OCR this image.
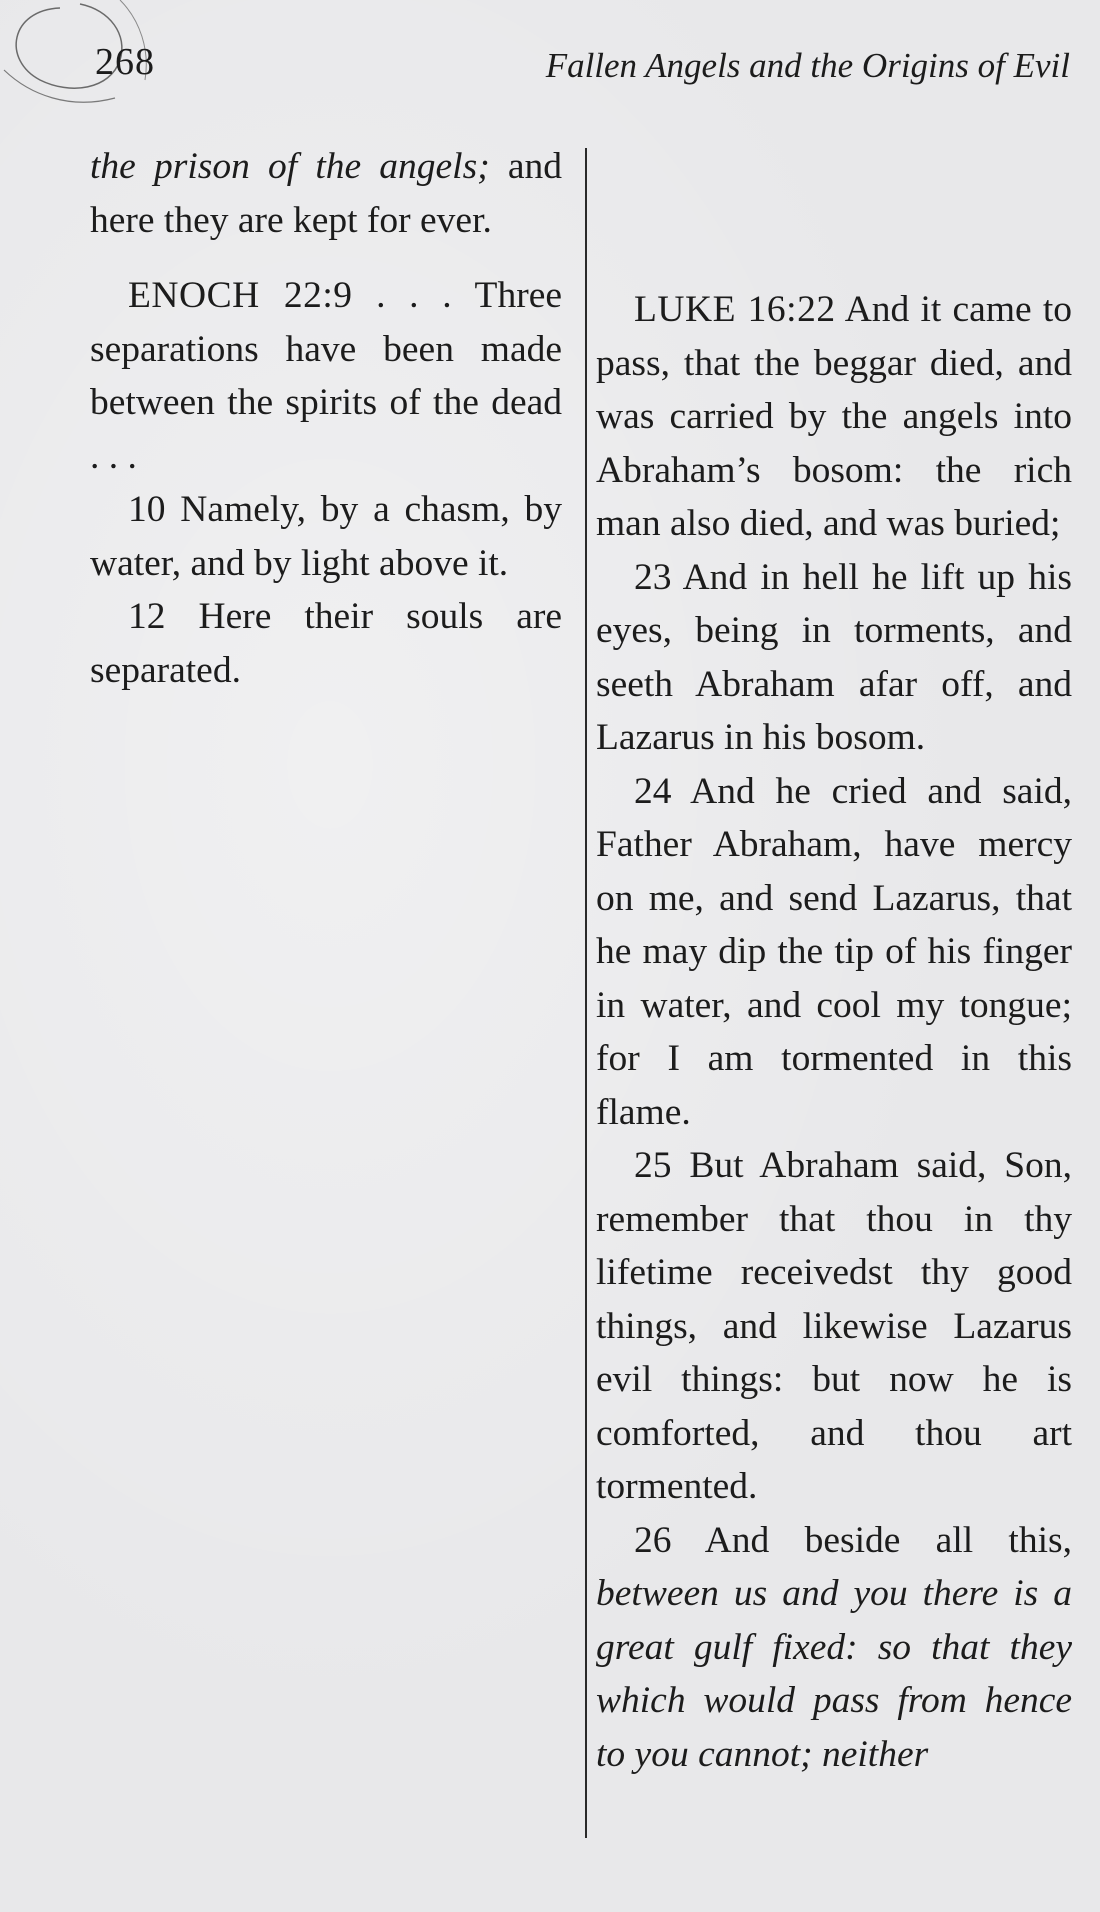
268	Fallen Angels and the Origins of Evil

the prison of the angels; and here they are kept for ever.

ENOCH 22:9 . . . Three separations have been made between the spirits of the dead . . .

10 Namely, by a chasm, by water, and by light above it.

12 Here their souls are separated.

LUKE 16:22 And it came to pass, that the beggar died, and was carried by the angels into Abraham’s bosom: the rich man also died, and was buried;

23 And in hell he lift up his eyes, being in torments, and seeth Abraham afar off, and Lazarus in his bosom.

24 And he cried and said, Father Abraham, have mercy on me, and send Lazarus, that he may dip the tip of his finger in water, and cool my tongue; for I am tormented in this flame.

25 But Abraham said, Son, remember that thou in thy lifetime receivedst thy good things, and likewise Lazarus evil things: but now he is comforted, and thou art tormented.

26 And beside all this, between us and you there is a great gulf fixed: so that they which would pass from hence to you cannot; neither
